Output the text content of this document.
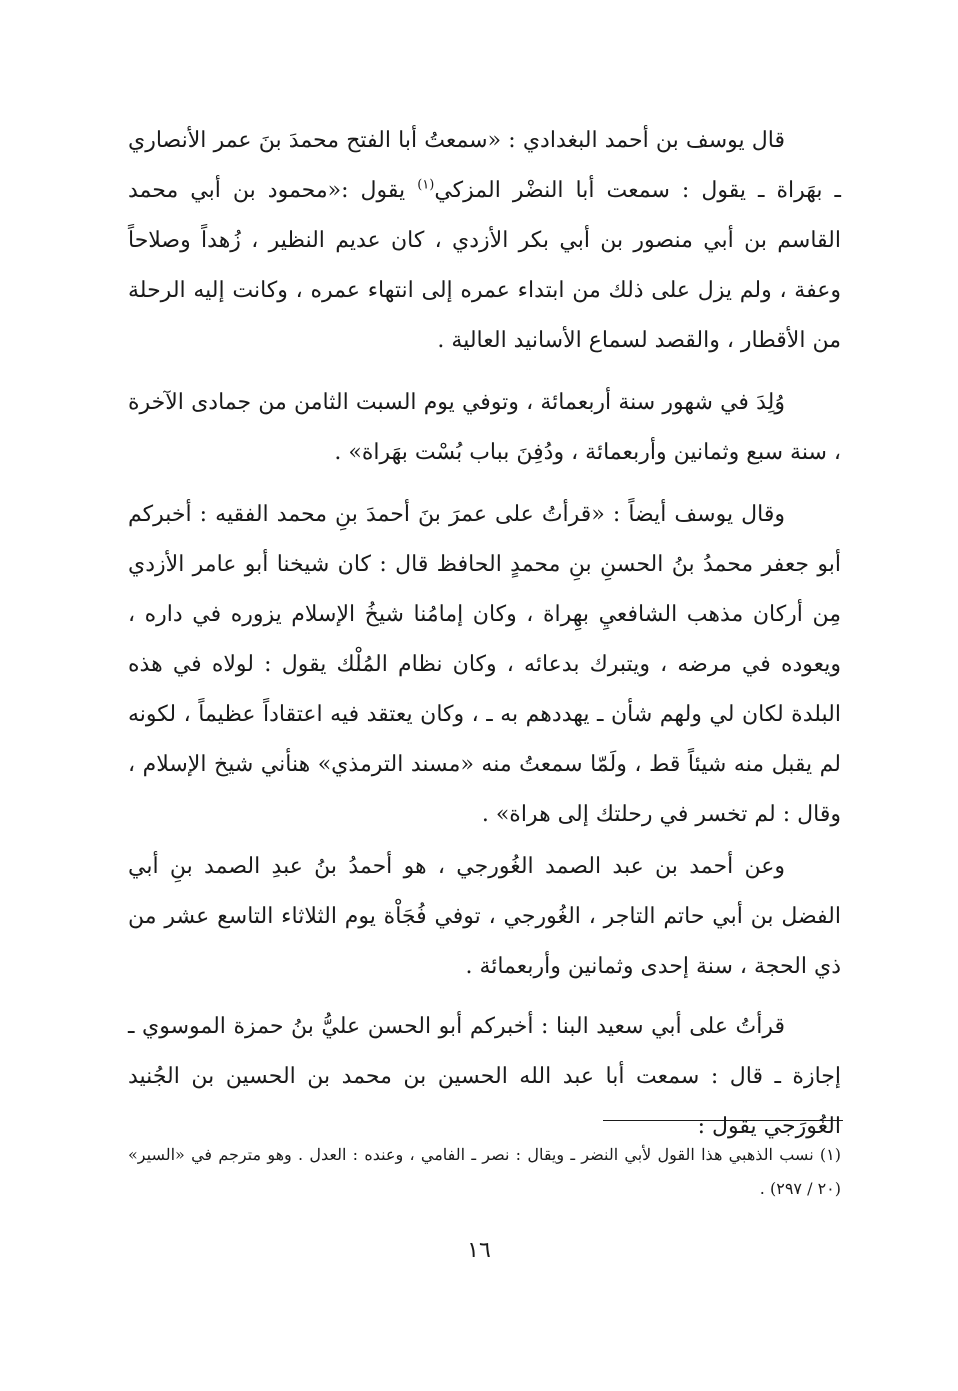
قال يوسف بن أحمد البغدادي : «سمعتُ أبا الفتح محمدَ بنَ عمر الأنصاري ـ بهَراة ـ يقول : سمعت أبا النضْر المزكي$^{(١)}$ يقول :«محمود بن أبي محمد القاسم بن أبي منصور بن أبي بكر الأزدي ، كان عديم النظير ، زُهداً وصلاحاً وعفة ، ولم يزل على ذلك من ابتداء عمره إلى انتهاء عمره ، وكانت إليه الرحلة من الأقطار ، والقصد لسماع الأسانيد العالية .

وُلِدَ في شهور سنة أربعمائة ، وتوفي يوم السبت الثامن من جمادى الآخرة ، سنة سبع وثمانين وأربعمائة ، ودُفِنَ بباب بُسْت بهَراة» .

وقال يوسف أيضاً : «قرأتُ على عمرَ بنَ أحمدَ بنِ محمد الفقيه : أخبركم أبو جعفر محمدُ بنُ الحسنِ بنِ محمدٍ الحافظ قال : كان شيخنا أبو عامر الأزدي مِن أركان مذهب الشافعيِ بهِراة ، وكان إمامُنا شيخُ الإسلام يزوره في داره ، ويعوده في مرضه ، ويتبرك بدعائه ، وكان نظام المُلْك يقول : لولاه في هذه البلدة لكان لي ولهم شأن ـ يهددهم به ـ ، وكان يعتقد فيه اعتقاداً عظيماً ، لكونه لم يقبل منه شيئاً قط ، ولَمّا سمعتُ منه «مسند الترمذي» هنأني شيخ الإسلام ، وقال : لم تخسر في رحلتك إلى هراة» .

وعن أحمد بن عبد الصمد الغُورجي ، هو أحمدُ بنُ عبدِ الصمد بنِ أبي الفضل بن أبي حاتم التاجر ، الغُورجي ، توفي فُجَاْة يوم الثلاثاء التاسع عشر من ذي الحجة ، سنة إحدى وثمانين وأربعمائة .

قرأتُ على أبي سعيد البنا : أخبركم أبو الحسن عليُّ بنُ حمزة الموسوي ـ إجازة ـ قال : سمعت أبا عبد الله الحسين بن محمد بن الحسين بن الجُنيد الغُورَجي يقول :

(١) نسب الذهبي هذا القول لأبي النضر ـ ويقال : نصر ـ الفامي ، وعنده : العدل . وهو مترجم في «السير» (٢٠ / ٢٩٧) .

١٦
